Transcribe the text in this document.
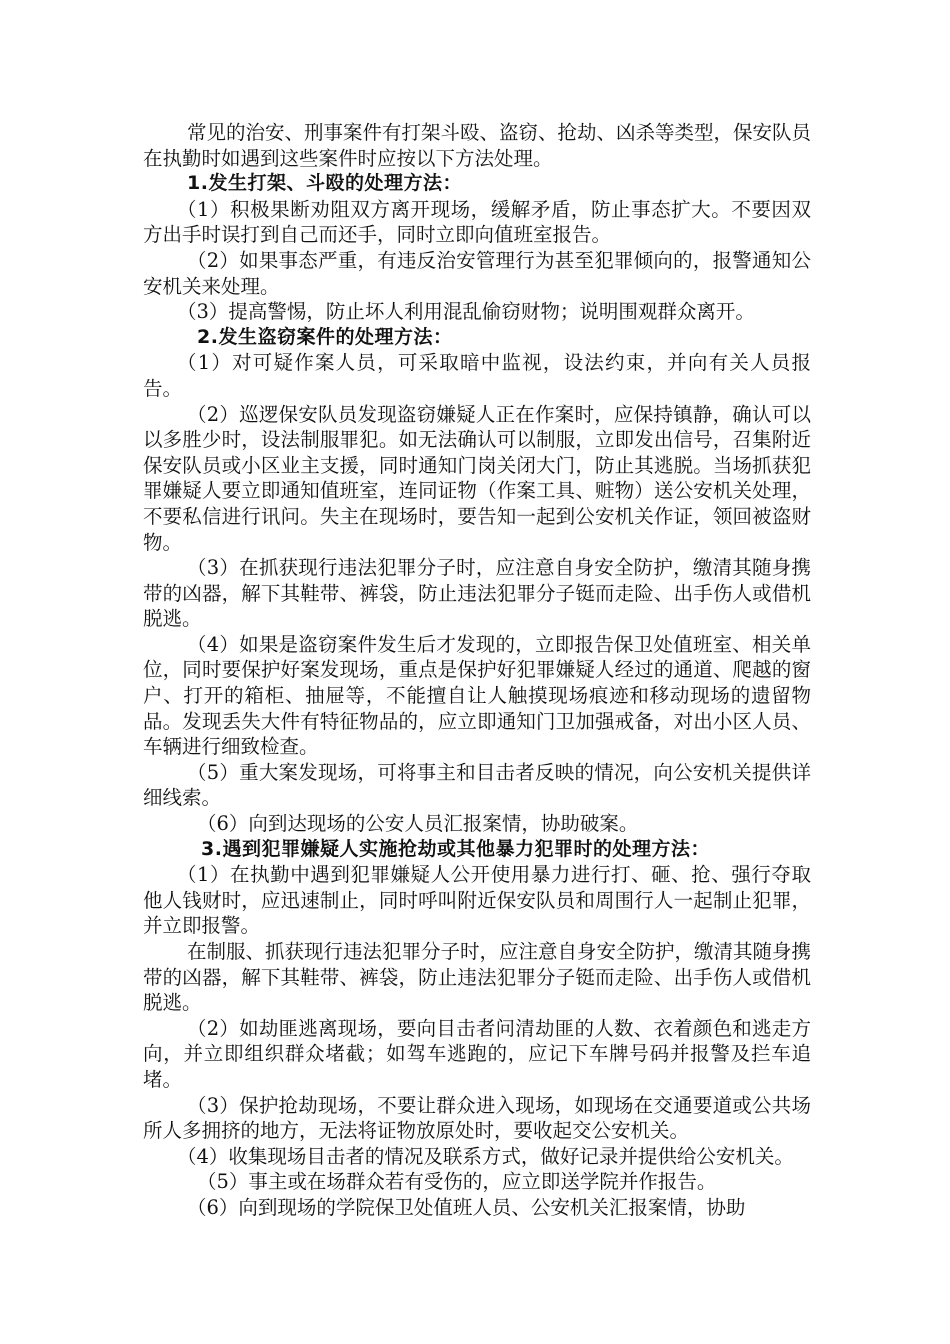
常见的治安、刑事案件有打架斗殴、盗窃、抢劫、凶杀等类型，保安队员在执勤时如遇到这些案件时应按以下方法处理。

1.发生打架、斗殴的处理方法：

（1）积极果断劝阻双方离开现场，缓解矛盾，防止事态扩大。不要因双方出手时误打到自己而还手，同时立即向值班室报告。

（2）如果事态严重，有违反治安管理行为甚至犯罪倾向的，报警通知公安机关来处理。

（3）提高警惕，防止坏人利用混乱偷窃财物；说明围观群众离开。

2.发生盗窃案件的处理方法：

（1）对可疑作案人员，可采取暗中监视，设法约束，并向有关人员报告。

（2）巡逻保安队员发现盗窃嫌疑人正在作案时，应保持镇静，确认可以以多胜少时，设法制服罪犯。如无法确认可以制服，立即发出信号，召集附近保安队员或小区业主支援，同时通知门岗关闭大门，防止其逃脱。当场抓获犯罪嫌疑人要立即通知值班室，连同证物（作案工具、赃物）送公安机关处理，不要私信进行讯问。失主在现场时，要告知一起到公安机关作证，领回被盗财物。

（3）在抓获现行违法犯罪分子时，应注意自身安全防护，缴清其随身携带的凶器，解下其鞋带、裤袋，防止违法犯罪分子铤而走险、出手伤人或借机脱逃。

（4）如果是盗窃案件发生后才发现的，立即报告保卫处值班室、相关单位，同时要保护好案发现场，重点是保护好犯罪嫌疑人经过的通道、爬越的窗户、打开的箱柜、抽屉等，不能擅自让人触摸现场痕迹和移动现场的遗留物品。发现丢失大件有特征物品的，应立即通知门卫加强戒备，对出小区人员、车辆进行细致检查。

（5）重大案发现场，可将事主和目击者反映的情况，向公安机关提供详细线索。

（6）向到达现场的公安人员汇报案情，协助破案。

3.遇到犯罪嫌疑人实施抢劫或其他暴力犯罪时的处理方法：

（1）在执勤中遇到犯罪嫌疑人公开使用暴力进行打、砸、抢、强行夺取他人钱财时，应迅速制止，同时呼叫附近保安队员和周围行人一起制止犯罪，并立即报警。

在制服、抓获现行违法犯罪分子时，应注意自身安全防护，缴清其随身携带的凶器，解下其鞋带、裤袋，防止违法犯罪分子铤而走险、出手伤人或借机脱逃。

（2）如劫匪逃离现场，要向目击者问清劫匪的人数、衣着颜色和逃走方向，并立即组织群众堵截；如驾车逃跑的，应记下车牌号码并报警及拦车追堵。

（3）保护抢劫现场，不要让群众进入现场，如现场在交通要道或公共场所人多拥挤的地方，无法将证物放原处时，要收起交公安机关。

（4）收集现场目击者的情况及联系方式，做好记录并提供给公安机关。

（5）事主或在场群众若有受伤的，应立即送学院并作报告。

（6）向到现场的学院保卫处值班人员、公安机关汇报案情，协助
